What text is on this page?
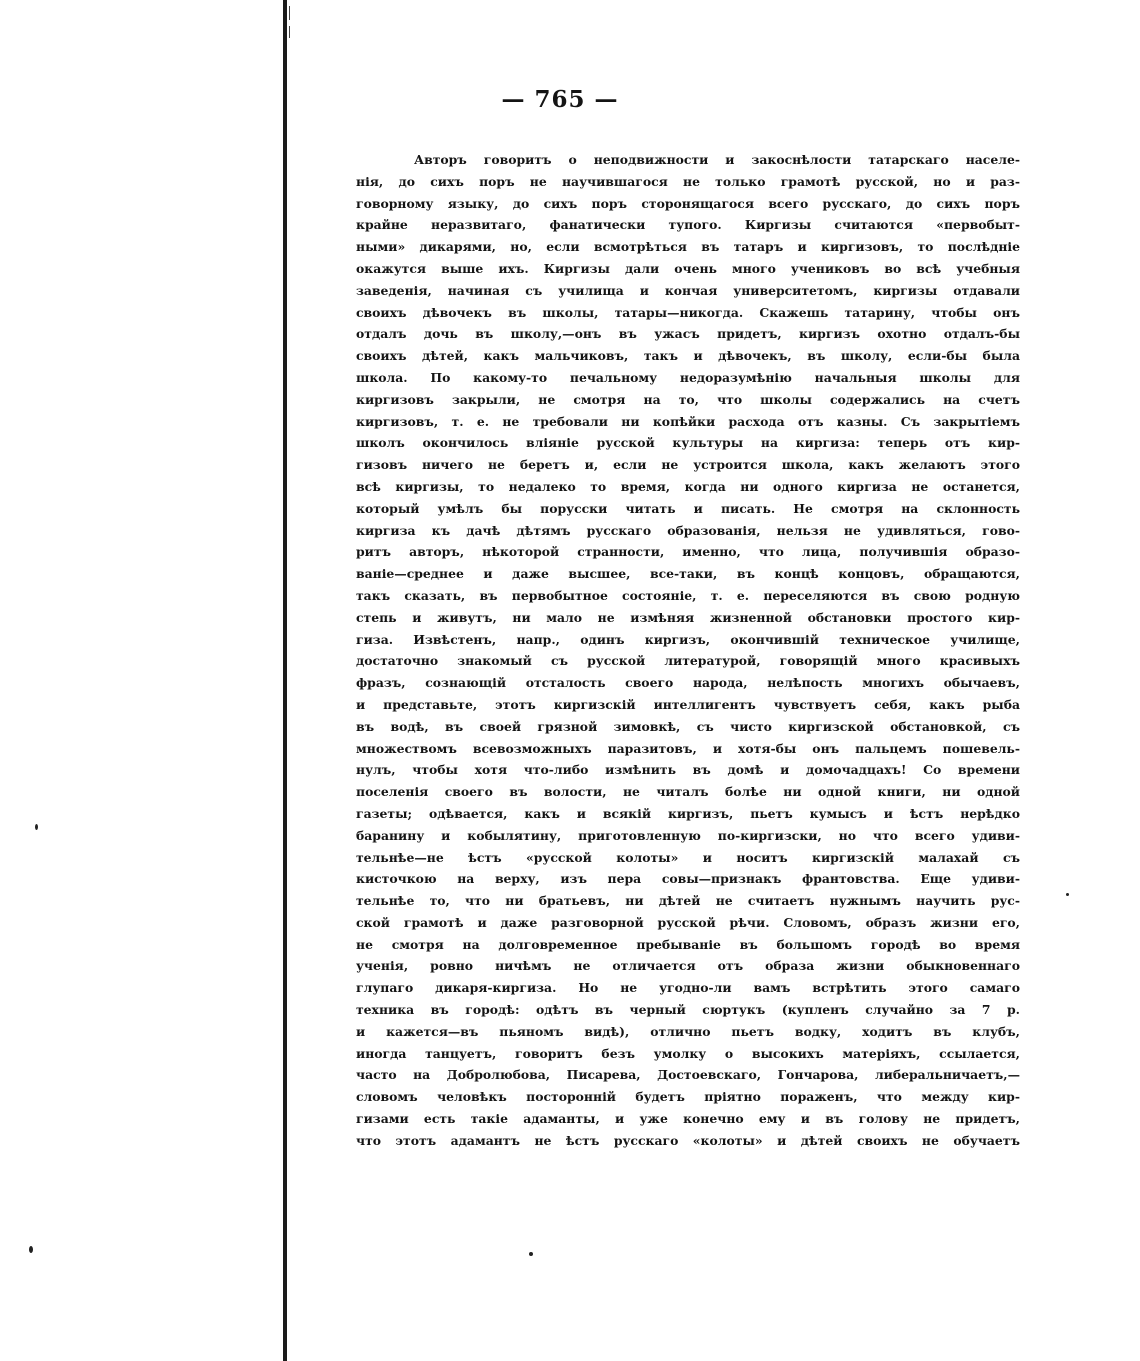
— 765 —
Авторъ говоритъ о неподвижности и закоснѣлости татарскаго населе-
нія, до сихъ поръ не научившагося не только грамотѣ русской, но и раз-
говорному языку, до сихъ поръ сторонящагося всего русскаго, до сихъ поръ
крайне неразвитаго, фанатически тупого. Киргизы считаются «первобыт-
ными» дикарями, но, если всмотрѣться въ татаръ и киргизовъ, то послѣдніе
окажутся выше ихъ. Киргизы дали очень много учениковъ во всѣ учебныя
заведенія, начиная съ училища и кончая университетомъ, киргизы отдавали
своихъ дѣвочекъ въ школы, татары—никогда. Скажешь татарину, чтобы онъ
отдалъ дочь въ школу,—онъ въ ужасъ придетъ, киргизъ охотно отдалъ-бы
своихъ дѣтей, какъ мальчиковъ, такъ и дѣвочекъ, въ школу, если-бы была
школа. По какому-то печальному недоразумѣнію начальныя школы для
киргизовъ закрыли, не смотря на то, что школы содержались на счетъ
киргизовъ, т. е. не требовали ни копѣйки расхода отъ казны. Съ закрытіемъ
школъ окончилось вліяніе русской культуры на киргиза: теперь отъ кир-
гизовъ ничего не беретъ и, если не устроится школа, какъ желаютъ этого
всѣ киргизы, то недалеко то время, когда ни одного киргиза не останется,
который умѣлъ бы порусски читать и писать. Не смотря на склонность
киргиза къ дачѣ дѣтямъ русскаго образованія, нельзя не удивляться, гово-
ритъ авторъ, нѣкоторой странности, именно, что лица, получившія образо-
ваніе—среднее и даже высшее, все-таки, въ концѣ концовъ, обращаются,
такъ сказать, въ первобытное состояніе, т. е. переселяются въ свою родную
степь и живутъ, ни мало не измѣняя жизненной обстановки простого кир-
гиза. Извѣстенъ, напр., одинъ киргизъ, окончившій техническое училище,
достаточно знакомый съ русской литературой, говорящій много красивыхъ
фразъ, сознающій отсталость своего народа, нелѣпость многихъ обычаевъ,
и представьте, этотъ киргизскій интеллигентъ чувствуетъ себя, какъ рыба
въ водѣ, въ своей грязной зимовкѣ, съ чисто киргизской обстановкой, съ
множествомъ всевозможныхъ паразитовъ, и хотя-бы онъ пальцемъ пошевель-
нулъ, чтобы хотя что-либо измѣнить въ домѣ и домочадцахъ! Со времени
поселенія своего въ волости, не читалъ болѣе ни одной книги, ни одной
газеты; одѣвается, какъ и всякій киргизъ, пьетъ кумысъ и ѣстъ нерѣдко
баранину и кобылятину, приготовленную по-киргизски, но что всего удиви-
тельнѣе—не ѣстъ «русской колоты» и носитъ киргизскій малахай съ
кисточкою на верху, изъ пера совы—признакъ франтовства. Еще удиви-
тельнѣе то, что ни братьевъ, ни дѣтей не считаетъ нужнымъ научить рус-
ской грамотѣ и даже разговорной русской рѣчи. Словомъ, образъ жизни его,
не смотря на долговременное пребываніе въ большомъ городѣ во время
ученія, ровно ничѣмъ не отличается отъ образа жизни обыкновеннаго
глупаго дикаря-киргиза. Но не угодно-ли вамъ встрѣтить этого самаго
техника въ городѣ: одѣтъ въ черный сюртукъ (купленъ случайно за 7 р.
и кажется—въ пьяномъ видѣ), отлично пьетъ водку, ходитъ въ клубъ,
иногда танцуетъ, говоритъ безъ умолку о высокихъ матеріяхъ, ссылается,
часто на Добролюбова, Писарева, Достоевскаго, Гончарова, либеральничаетъ,—
словомъ человѣкъ посторонній будетъ пріятно пораженъ, что между кир-
гизами есть такіе адаманты, и уже конечно ему и въ голову не придетъ,
что этотъ адамантъ не ѣстъ русскаго «колоты» и дѣтей своихъ не обучаетъ
